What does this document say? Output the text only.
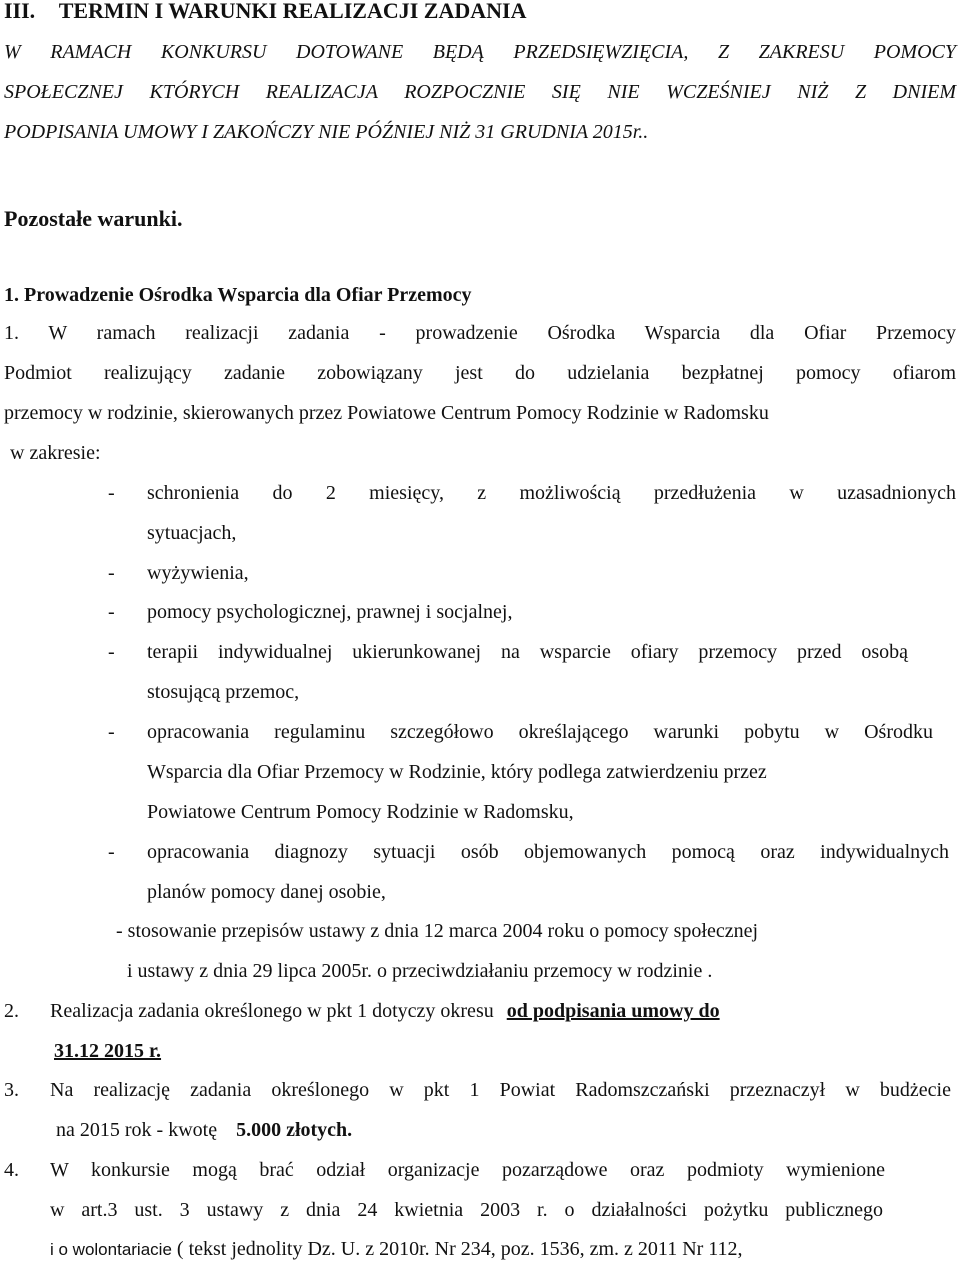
III. TERMIN I WARUNKI REALIZACJI ZADANIA
W RAMACH KONKURSU DOTOWANE BĘDĄ PRZEDSIĘWZIĘCIA, Z ZAKRESU POMOCY
SPOŁECZNEJ KTÓRYCH REALIZACJA ROZPOCZNIE SIĘ NIE WCZEŚNIEJ NIŻ Z DNIEM
PODPISANIA UMOWY I ZAKOŃCZY NIE PÓŹNIEJ NIŻ 31 GRUDNIA 2015r..
Pozostałe warunki.
1. Prowadzenie Ośrodka Wsparcia dla Ofiar Przemocy
1. W ramach realizacji zadania - prowadzenie Ośrodka Wsparcia dla Ofiar Przemocy
Podmiot realizujący zadanie zobowiązany jest do udzielania bezpłatnej pomocy ofiarom
przemocy w rodzinie, skierowanych przez Powiatowe Centrum Pomocy Rodzinie w Radomsku
w zakresie:
- schronienia do 2 miesięcy, z możliwością przedłużenia w uzasadnionych
sytuacjach,
- wyżywienia,
- pomocy psychologicznej, prawnej i socjalnej,
- terapii indywidualnej ukierunkowanej na wsparcie ofiary przemocy przed osobą
stosującą przemoc,
- opracowania regulaminu szczegółowo określającego warunki pobytu w Ośrodku
Wsparcia dla Ofiar Przemocy w Rodzinie, który podlega zatwierdzeniu przez
Powiatowe Centrum Pomocy Rodzinie w Radomsku,
- opracowania diagnozy sytuacji osób objemowanych pomocą oraz indywidualnych
planów pomocy danej osobie,
- stosowanie przepisów ustawy z dnia 12 marca 2004 roku o pomocy społecznej
i ustawy z dnia 29 lipca 2005r. o przeciwdziałaniu przemocy w rodzinie .
2. Realizacja zadania określonego w pkt 1 dotyczy okresu od podpisania umowy do
31.12 2015 r.
3. Na realizację zadania określonego w pkt 1 Powiat Radomszczański przeznaczył w budżecie
na 2015 rok - kwotę 5.000 złotych.
4. W konkursie mogą brać odział organizacje pozarządowe oraz podmioty wymienione
w art.3 ust. 3 ustawy z dnia 24 kwietnia 2003 r. o działalności pożytku publicznego
i o wolontariacie ( tekst jednolity Dz. U. z 2010r. Nr 234, poz. 1536, zm. z 2011 Nr 112,
